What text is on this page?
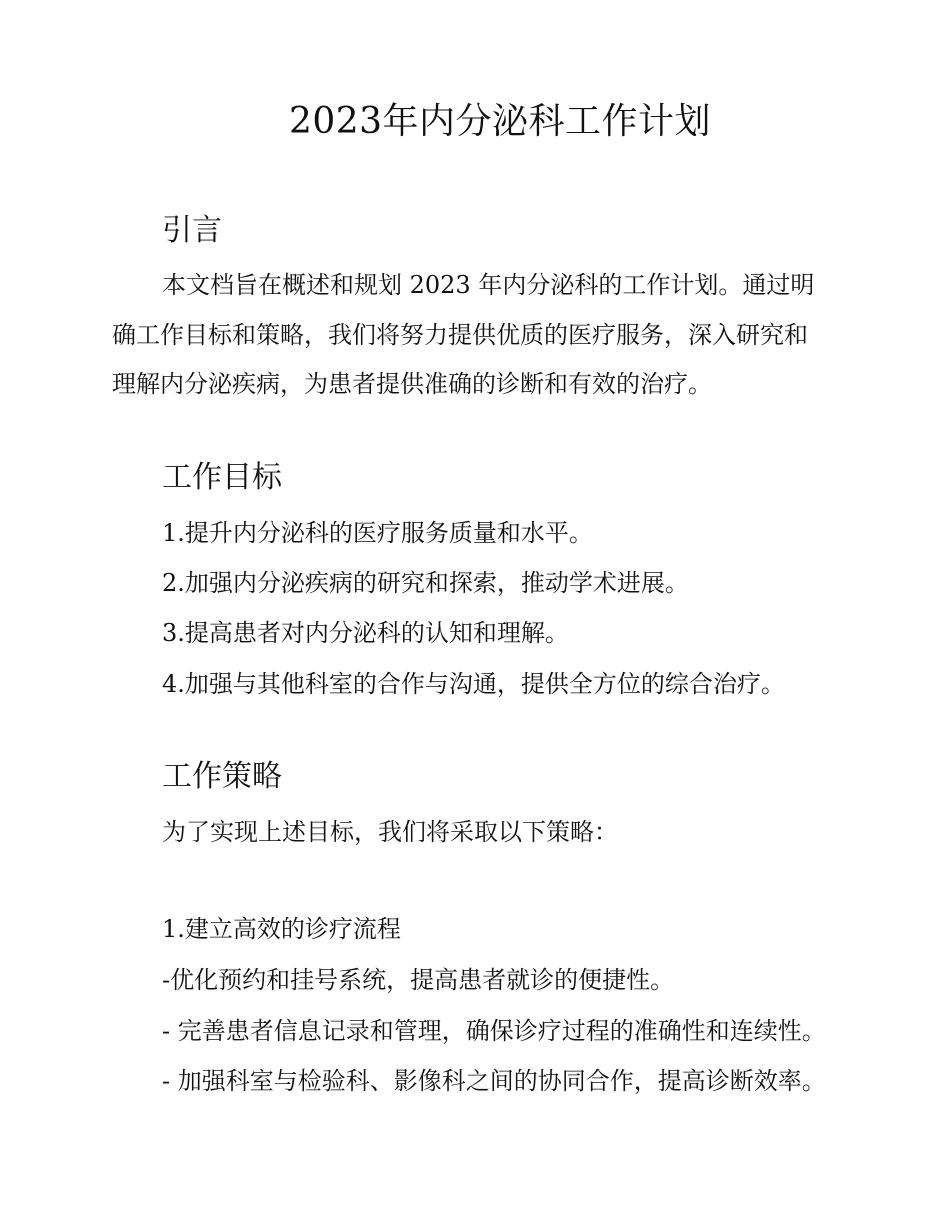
2023年内分泌科工作计划
引言
本文档旨在概述和规划 2023 年内分泌科的工作计划。通过明
确工作目标和策略，我们将努力提供优质的医疗服务，深入研究和
理解内分泌疾病，为患者提供准确的诊断和有效的治疗。
工作目标
1.提升内分泌科的医疗服务质量和水平。
2.加强内分泌疾病的研究和探索，推动学术进展。
3.提高患者对内分泌科的认知和理解。
4.加强与其他科室的合作与沟通，提供全方位的综合治疗。
工作策略
为了实现上述目标，我们将采取以下策略：
1.建立高效的诊疗流程
-优化预约和挂号系统，提高患者就诊的便捷性。
- 完善患者信息记录和管理，确保诊疗过程的准确性和连续性。
- 加强科室与检验科、影像科之间的协同合作，提高诊断效率。
